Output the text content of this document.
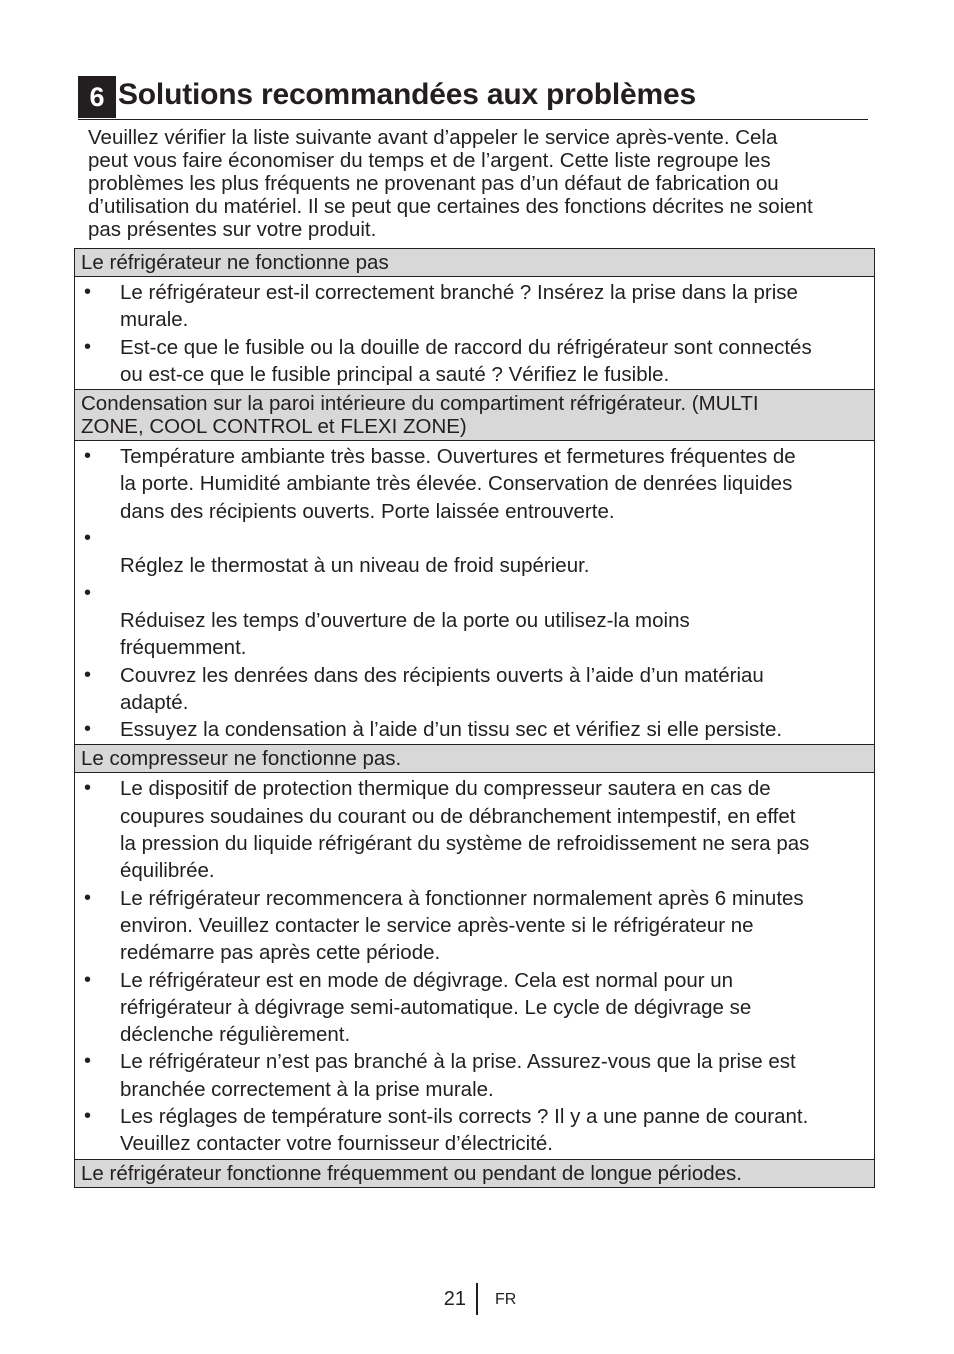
6 Solutions recommandées aux problèmes
Veuillez vérifier la liste suivante avant d’appeler le service après-vente. Cela
peut vous faire économiser du temps et de l’argent. Cette liste regroupe les
problèmes les plus fréquents ne provenant pas d’un défaut de fabrication ou
d’utilisation du matériel. Il se peut que certaines des fonctions décrites ne soient
pas présentes sur votre produit.
Le réfrigérateur ne fonctionne pas
• Le réfrigérateur est-il correctement branché ? Insérez la prise dans la prise
murale.
• Est-ce que le fusible ou la douille de raccord du réfrigérateur sont connectés
ou est-ce que le fusible principal a sauté ? Vérifiez le fusible.
Condensation sur la paroi intérieure du compartiment réfrigérateur. (MULTI
ZONE, COOL CONTROL et FLEXI ZONE)
• Température ambiante très basse. Ouvertures et fermetures fréquentes de
la porte. Humidité ambiante très élevée. Conservation de denrées liquides
dans des récipients ouverts. Porte laissée entrouverte.
•
Réglez le thermostat à un niveau de froid supérieur.
•
Réduisez les temps d’ouverture de la porte ou utilisez-la moins
fréquemment.
• Couvrez les denrées dans des récipients ouverts à l’aide d’un matériau
adapté.
• Essuyez la condensation à l’aide d’un tissu sec et vérifiez si elle persiste.
Le compresseur ne fonctionne pas.
• Le dispositif de protection thermique du compresseur sautera en cas de
coupures soudaines du courant ou de débranchement intempestif, en effet
la pression du liquide réfrigérant du système de refroidissement ne sera pas
équilibrée.
• Le réfrigérateur recommencera à fonctionner normalement après 6 minutes
environ. Veuillez contacter le service après-vente si le réfrigérateur ne
redémarre pas après cette période.
• Le réfrigérateur est en mode de dégivrage. Cela est normal pour un
réfrigérateur à dégivrage semi-automatique. Le cycle de dégivrage se
déclenche régulièrement.
• Le réfrigérateur n’est pas branché à la prise. Assurez-vous que la prise est
branchée correctement à la prise murale.
• Les réglages de température sont-ils corrects ? Il y a une panne de courant.
Veuillez contacter votre fournisseur d’électricité.
Le réfrigérateur fonctionne fréquemment ou pendant de longue périodes.
21 FR
